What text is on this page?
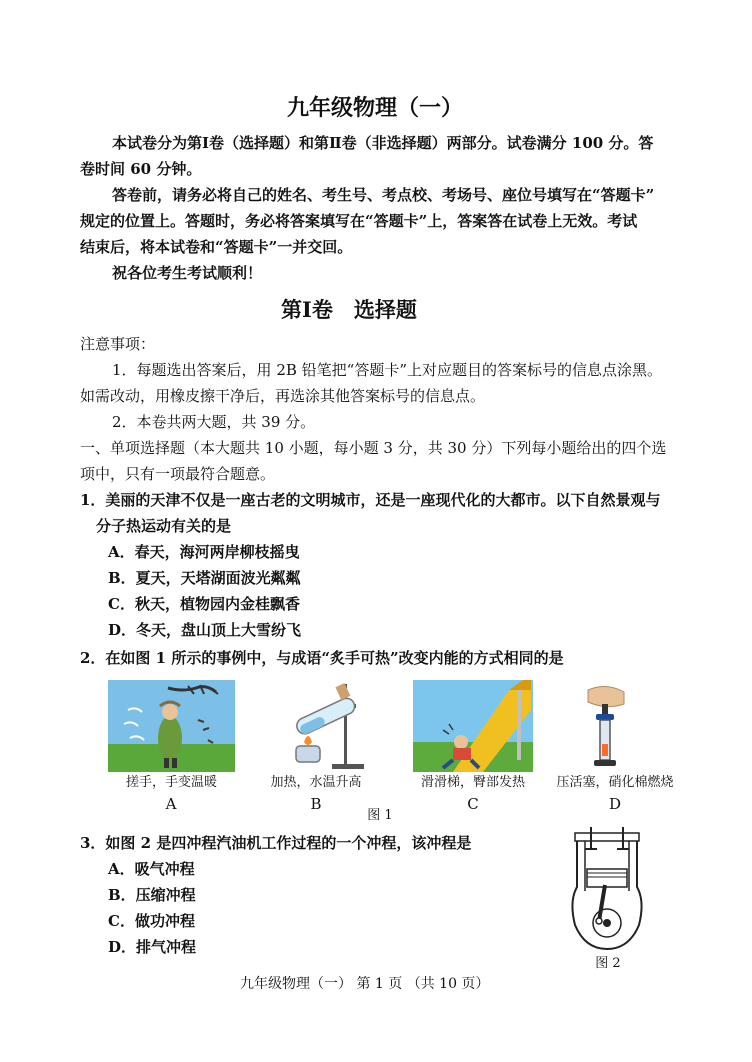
九年级物理（一）
本试卷分为第Ⅰ卷（选择题）和第Ⅱ卷（非选择题）两部分。试卷满分 100 分。答
卷时间 60 分钟。
答卷前，请务必将自己的姓名、考生号、考点校、考场号、座位号填写在“答题卡”
规定的位置上。答题时，务必将答案填写在“答题卡”上，答案答在试卷上无效。考试
结束后，将本试卷和“答题卡”一并交回。
祝各位考生考试顺利！
第Ⅰ卷　选择题
注意事项：
1．每题选出答案后，用 2B 铅笔把“答题卡”上对应题目的答案标号的信息点涂黑。
如需改动，用橡皮擦干净后，再选涂其他答案标号的信息点。
2．本卷共两大题，共 39 分。
一、单项选择题（本大题共 10 小题，每小题 3 分，共 30 分）下列每小题给出的四个选
项中，只有一项最符合题意。
1．美丽的天津不仅是一座古老的文明城市，还是一座现代化的大都市。以下自然景观与
分子热运动有关的是
A．春天，海河两岸柳枝摇曳
B．夏天，天塔湖面波光粼粼
C．秋天，植物园内金桂飘香
D．冬天，盘山顶上大雪纷飞
2．在如图 1 所示的事例中，与成语“炙手可热”改变内能的方式相同的是
搓手，手变温暖	加热，水温升高	滑滑梯，臀部发热	压活塞，硝化棉燃烧
A	B	C	D
图 1
3．如图 2 是四冲程汽油机工作过程的一个冲程，该冲程是
A．吸气冲程
B．压缩冲程
C．做功冲程
D．排气冲程
图 2
九年级物理（一） 第 1 页 （共 10 页）
